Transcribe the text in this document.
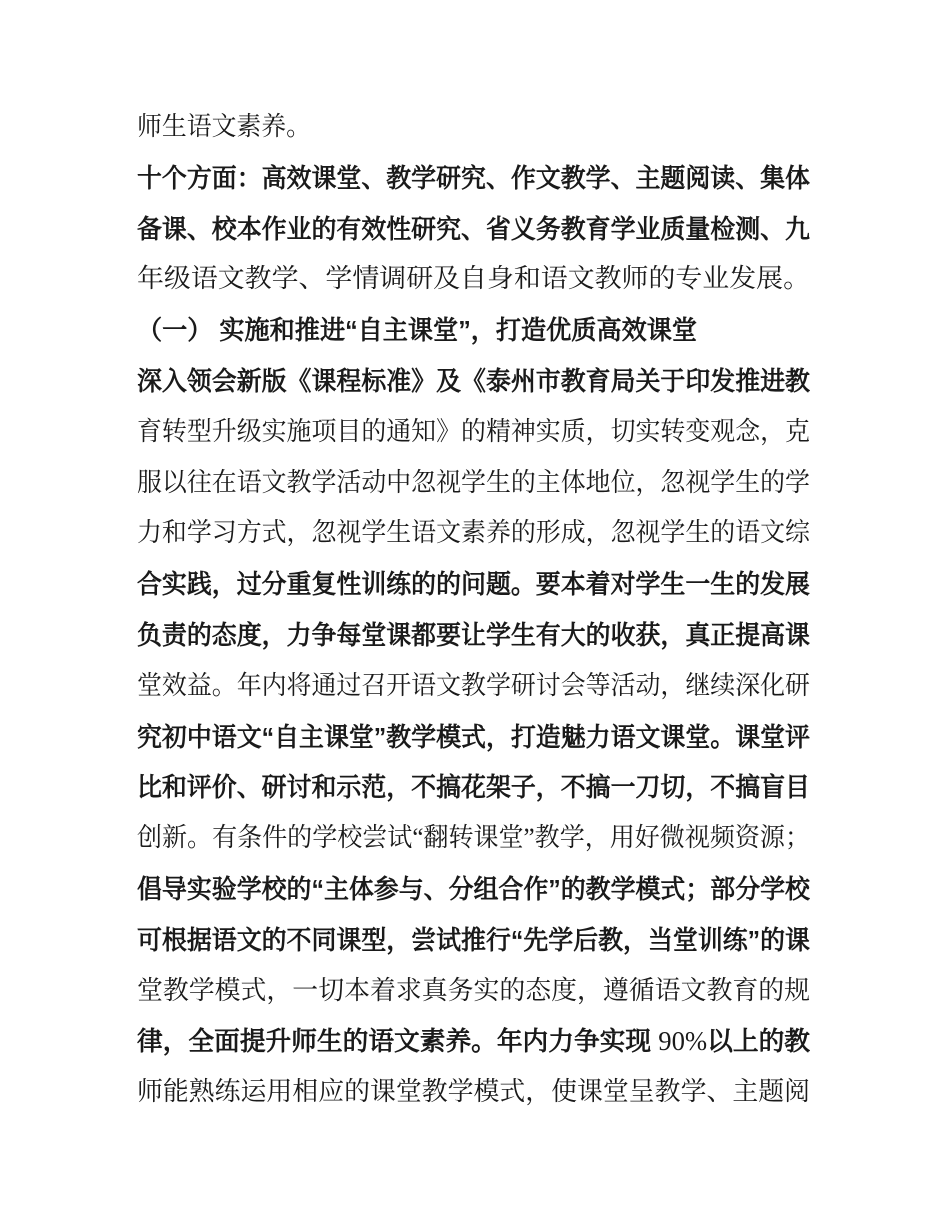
师生语文素养。
十个方面：高效课堂、教学研究、作文教学、主题阅读、集体
备课、校本作业的有效性研究、省义务教育学业质量检测、九
年级语文教学、学情调研及自身和语文教师的专业发展。
（一） 实施和推进“自主课堂”，打造优质高效课堂
深入领会新版《课程标准》及《泰州市教育局关于印发推进教
育转型升级实施项目的通知》的精神实质，切实转变观念，克
服以往在语文教学活动中忽视学生的主体地位，忽视学生的学
力和学习方式，忽视学生语文素养的形成，忽视学生的语文综
合实践，过分重复性训练的的问题。要本着对学生一生的发展
负责的态度，力争每堂课都要让学生有大的收获，真正提高课
堂效益。年内将通过召开语文教学研讨会等活动，继续深化研
究初中语文“自主课堂”教学模式，打造魅力语文课堂。课堂评
比和评价、研讨和示范，不搞花架子，不搞一刀切，不搞盲目
创新。有条件的学校尝试“翻转课堂”教学，用好微视频资源；
倡导实验学校的“主体参与、分组合作”的教学模式；部分学校
可根据语文的不同课型，尝试推行“先学后教，当堂训练”的课
堂教学模式，一切本着求真务实的态度，遵循语文教育的规
律，全面提升师生的语文素养。年内力争实现 90%以上的教
师能熟练运用相应的课堂教学模式，使课堂呈教学、主题阅
